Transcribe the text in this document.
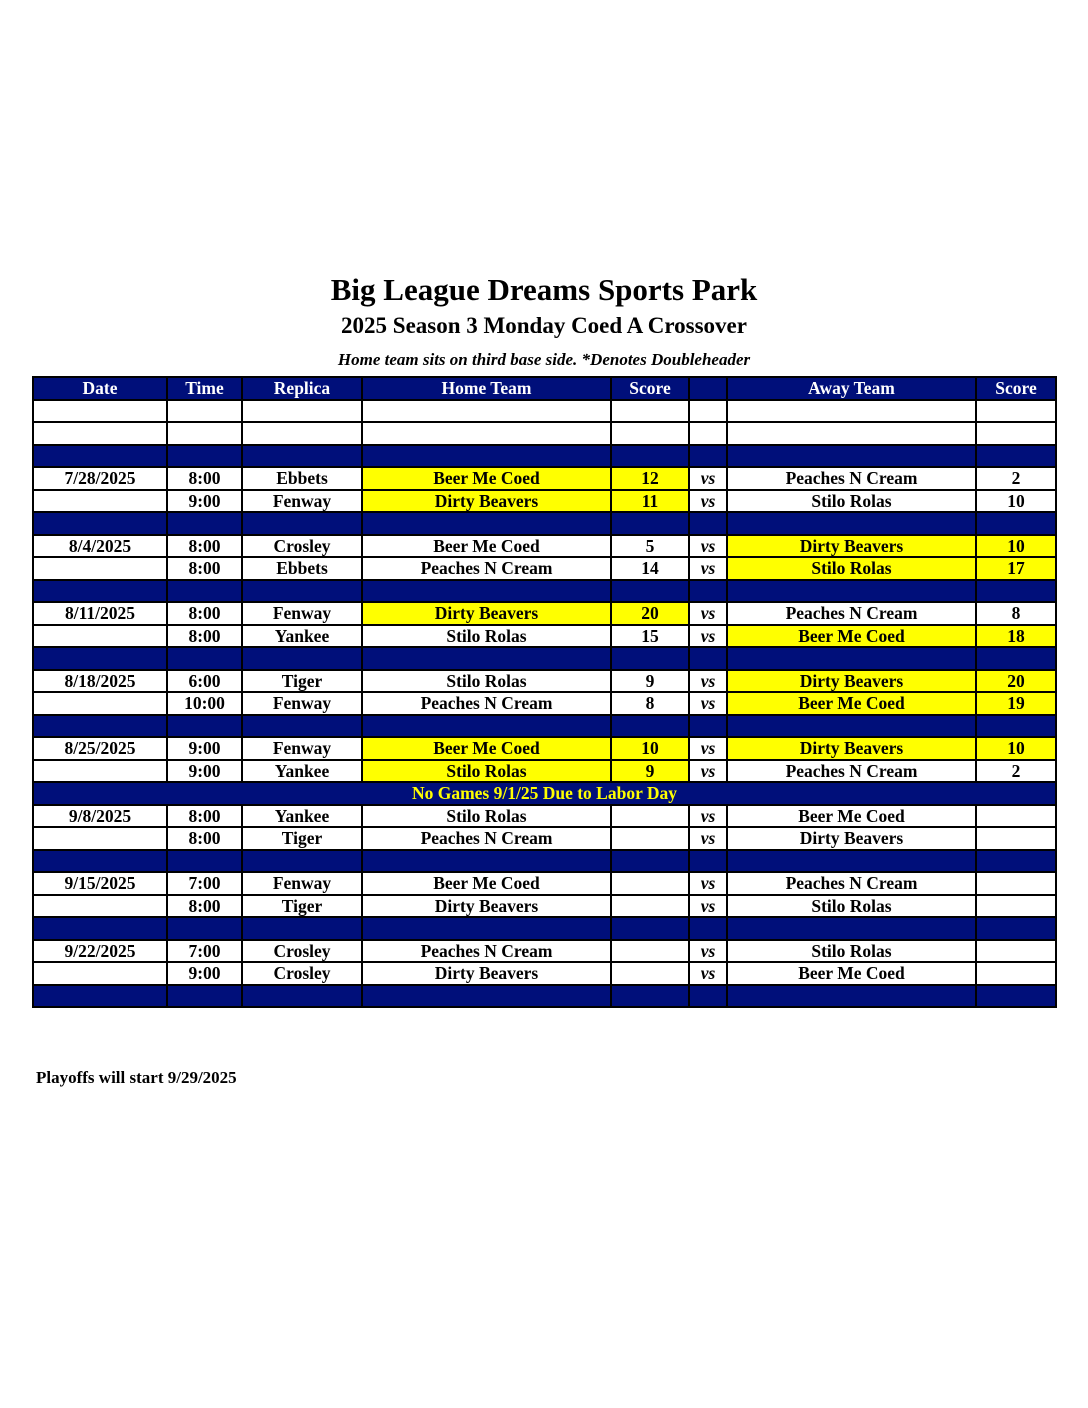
Big League Dreams Sports Park
2025 Season 3 Monday Coed A Crossover
Home team sits on third base side. *Denotes Doubleheader
Date	Time	Replica	Home Team	Score		Away Team	Score

7/28/2025	8:00	Ebbets	Beer Me Coed	12	vs	Peaches N Cream	2
	9:00	Fenway	Dirty Beavers	11	vs	Stilo Rolas	10

8/4/2025	8:00	Crosley	Beer Me Coed	5	vs	Dirty Beavers	10
	8:00	Ebbets	Peaches N Cream	14	vs	Stilo Rolas	17

8/11/2025	8:00	Fenway	Dirty Beavers	20	vs	Peaches N Cream	8
	8:00	Yankee	Stilo Rolas	15	vs	Beer Me Coed	18

8/18/2025	6:00	Tiger	Stilo Rolas	9	vs	Dirty Beavers	20
	10:00	Fenway	Peaches N Cream	8	vs	Beer Me Coed	19

8/25/2025	9:00	Fenway	Beer Me Coed	10	vs	Dirty Beavers	10
	9:00	Yankee	Stilo Rolas	9	vs	Peaches N Cream	2
No Games 9/1/25 Due to Labor Day							
9/8/2025	8:00	Yankee	Stilo Rolas		vs	Beer Me Coed	
	8:00	Tiger	Peaches N Cream		vs	Dirty Beavers	

9/15/2025	7:00	Fenway	Beer Me Coed		vs	Peaches N Cream	
	8:00	Tiger	Dirty Beavers		vs	Stilo Rolas	

9/22/2025	7:00	Crosley	Peaches N Cream		vs	Stilo Rolas	
	9:00	Crosley	Dirty Beavers		vs	Beer Me Coed	

Playoffs will start 9/29/2025
